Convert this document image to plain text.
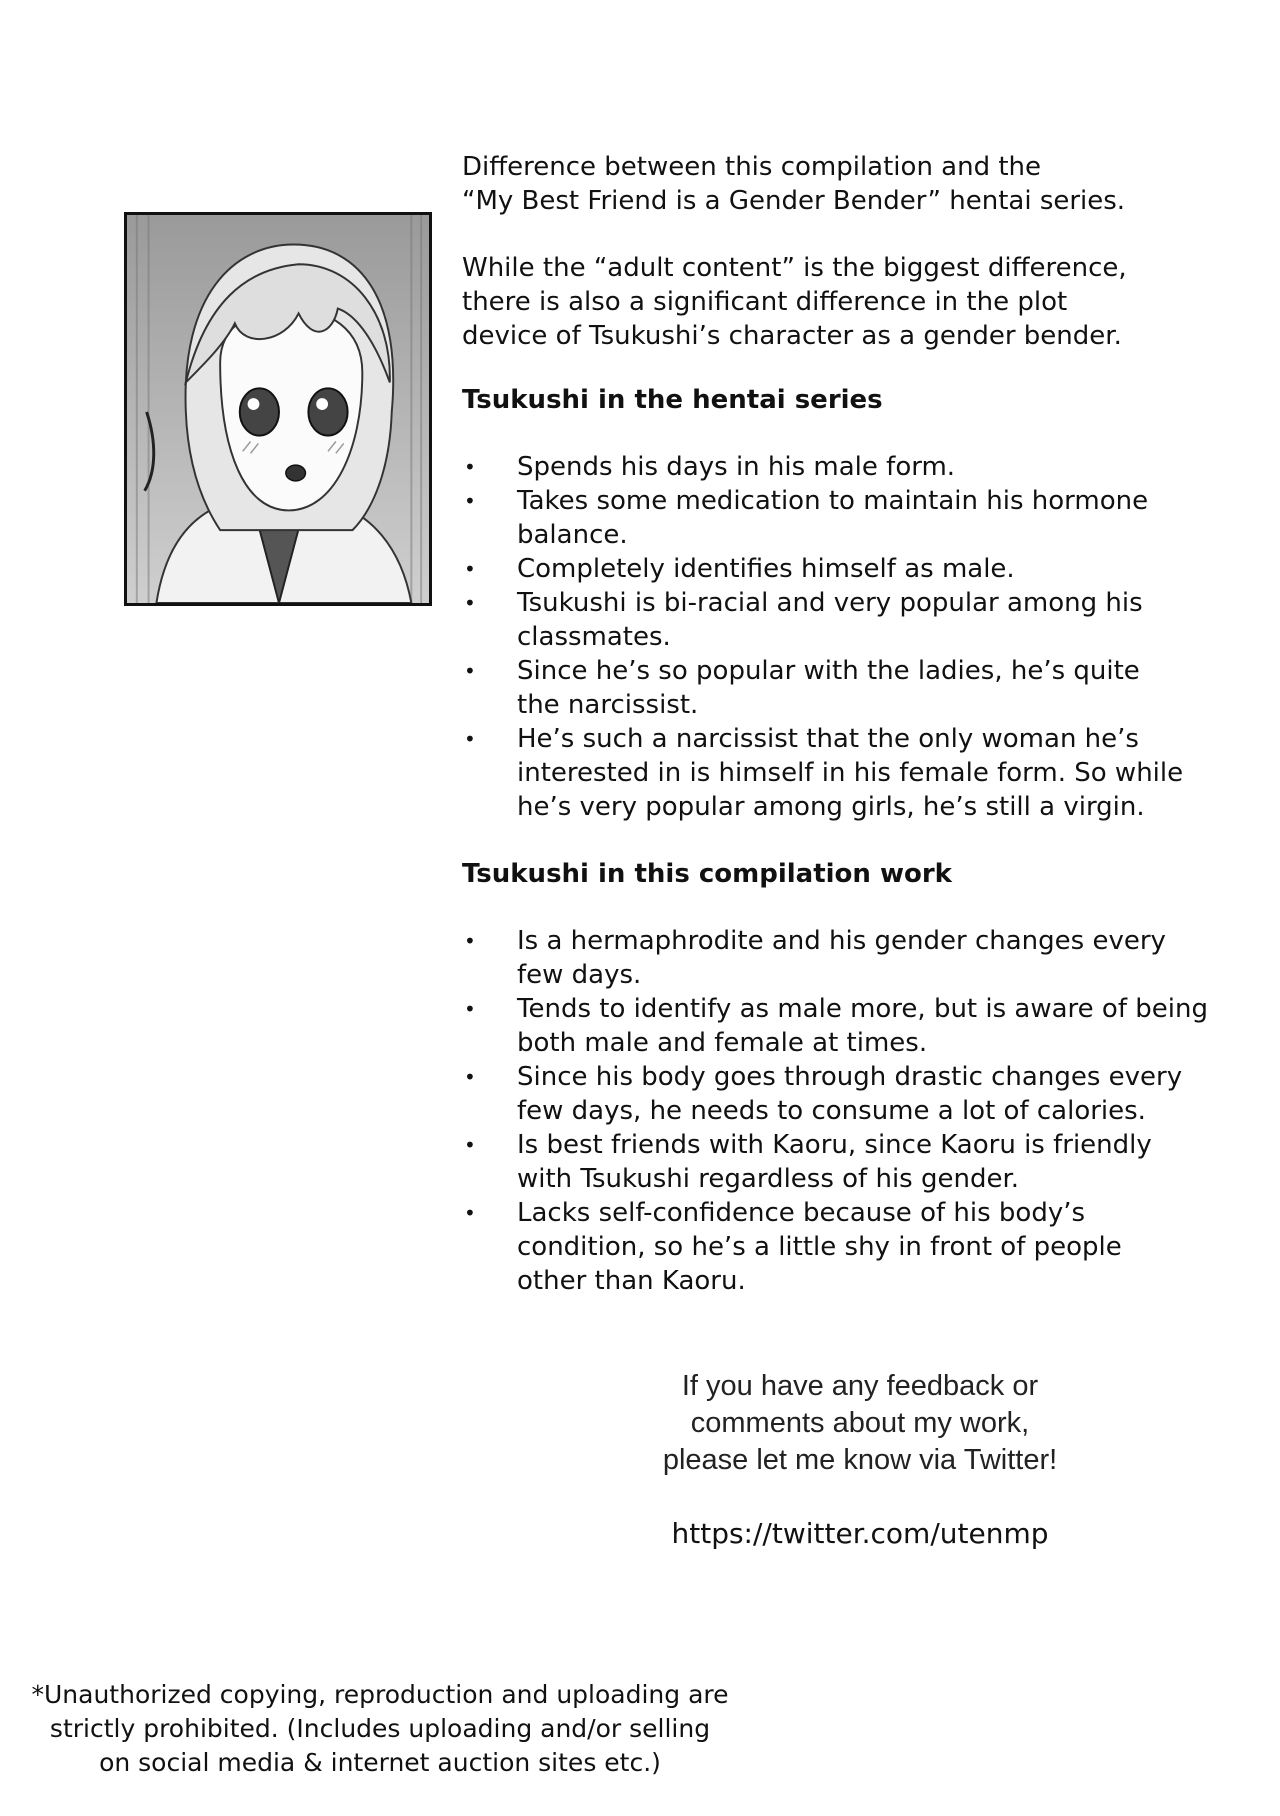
Difference between this compilation and the
“My Best Friend is a Gender Bender” hentai series.

While the “adult content” is the biggest difference,
there is also a significant difference in the plot
device of Tsukushi’s character as a gender bender.

Tsukushi in the hentai series

• Spends his days in his male form.
• Takes some medication to maintain his hormone
balance.
• Completely identifies himself as male.
• Tsukushi is bi-racial and very popular among his
classmates.
• Since he’s so popular with the ladies, he’s quite
the narcissist.
• He’s such a narcissist that the only woman he’s
interested in is himself in his female form. So while
he’s very popular among girls, he’s still a virgin.

Tsukushi in this compilation work

• Is a hermaphrodite and his gender changes every
few days.
• Tends to identify as male more, but is aware of being
both male and female at times.
• Since his body goes through drastic changes every
few days, he needs to consume a lot of calories.
• Is best friends with Kaoru, since Kaoru is friendly
with Tsukushi regardless of his gender.
• Lacks self-confidence because of his body’s
condition, so he’s a little shy in front of people
other than Kaoru.

If you have any feedback or

comments about my work,

please let me know via Twitter!

https://twitter.com/utenmp

*Unauthorized copying, reproduction and uploading are

strictly prohibited. (Includes uploading and/or selling

on social media & internet auction sites etc.)
